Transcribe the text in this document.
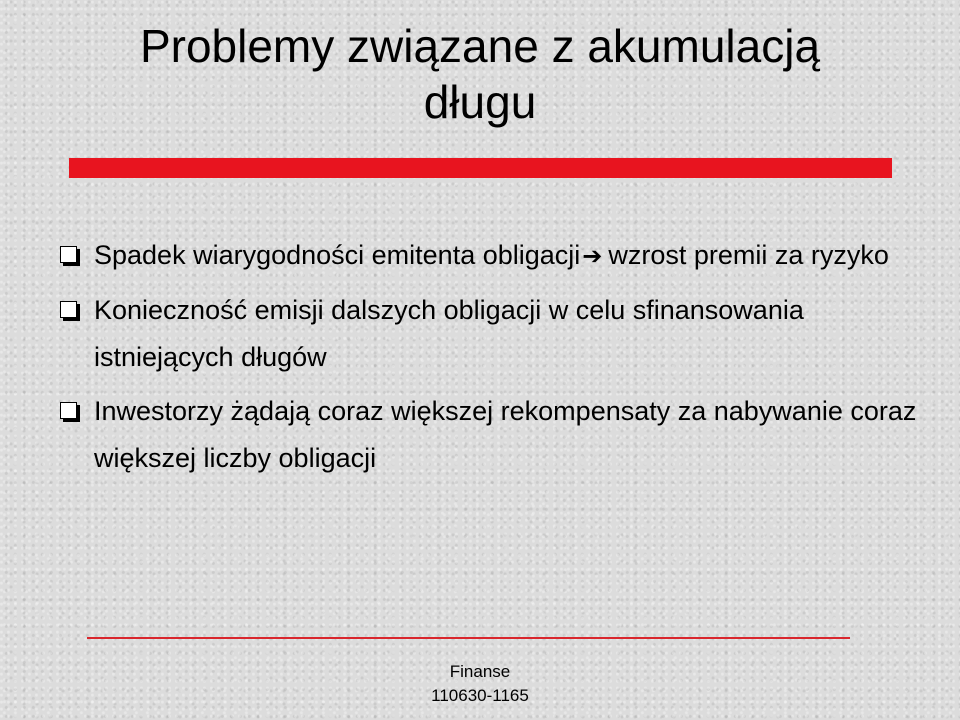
Problemy związane z akumulacją
długu
Spadek wiarygodności emitenta obligacji➔ wzrost premii za ryzyko
Konieczność emisji dalszych obligacji w celu sfinansowania istniejących długów
Inwestorzy żądają coraz większej rekompensaty za nabywanie coraz większej liczby obligacji
Finanse
110630-1165
